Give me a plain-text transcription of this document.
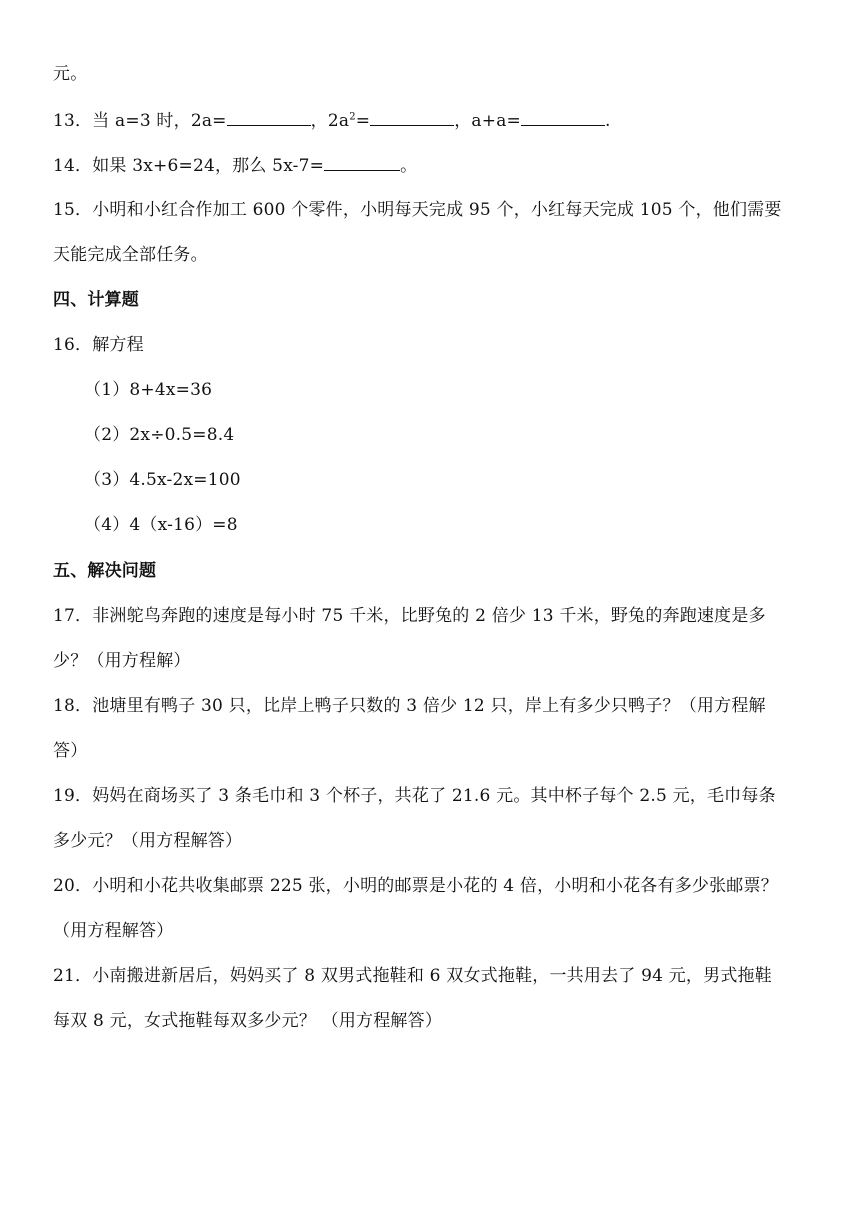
元。
13．当 a=3 时，2a=	，$2a^2=$	，a+a=	.
14．如果 3x+6=24，那么 5x-7=	。
15．小明和小红合作加工 600 个零件，小明每天完成 95 个，小红每天完成 105 个，他们需要
天能完成全部任务。
四、计算题
16．解方程
（1）8+4x=36
（2）2x÷0.5=8.4
（3）4.5x-2x=100
（4）4（x-16）=8
五、解决问题
17．非洲鸵鸟奔跑的速度是每小时 75 千米，比野兔的 2 倍少 13 千米，野兔的奔跑速度是多
少？（用方程解）
18．池塘里有鸭子 30 只，比岸上鸭子只数的 3 倍少 12 只，岸上有多少只鸭子？（用方程解
答）
19．妈妈在商场买了 3 条毛巾和 3 个杯子，共花了 21.6 元。其中杯子每个 2.5 元，毛巾每条
多少元？（用方程解答）
20．小明和小花共收集邮票 225 张，小明的邮票是小花的 4 倍，小明和小花各有多少张邮票？
（用方程解答）
21．小南搬进新居后，妈妈买了 8 双男式拖鞋和 6 双女式拖鞋，一共用去了 94 元，男式拖鞋
每双 8 元，女式拖鞋每双多少元？ （用方程解答）
